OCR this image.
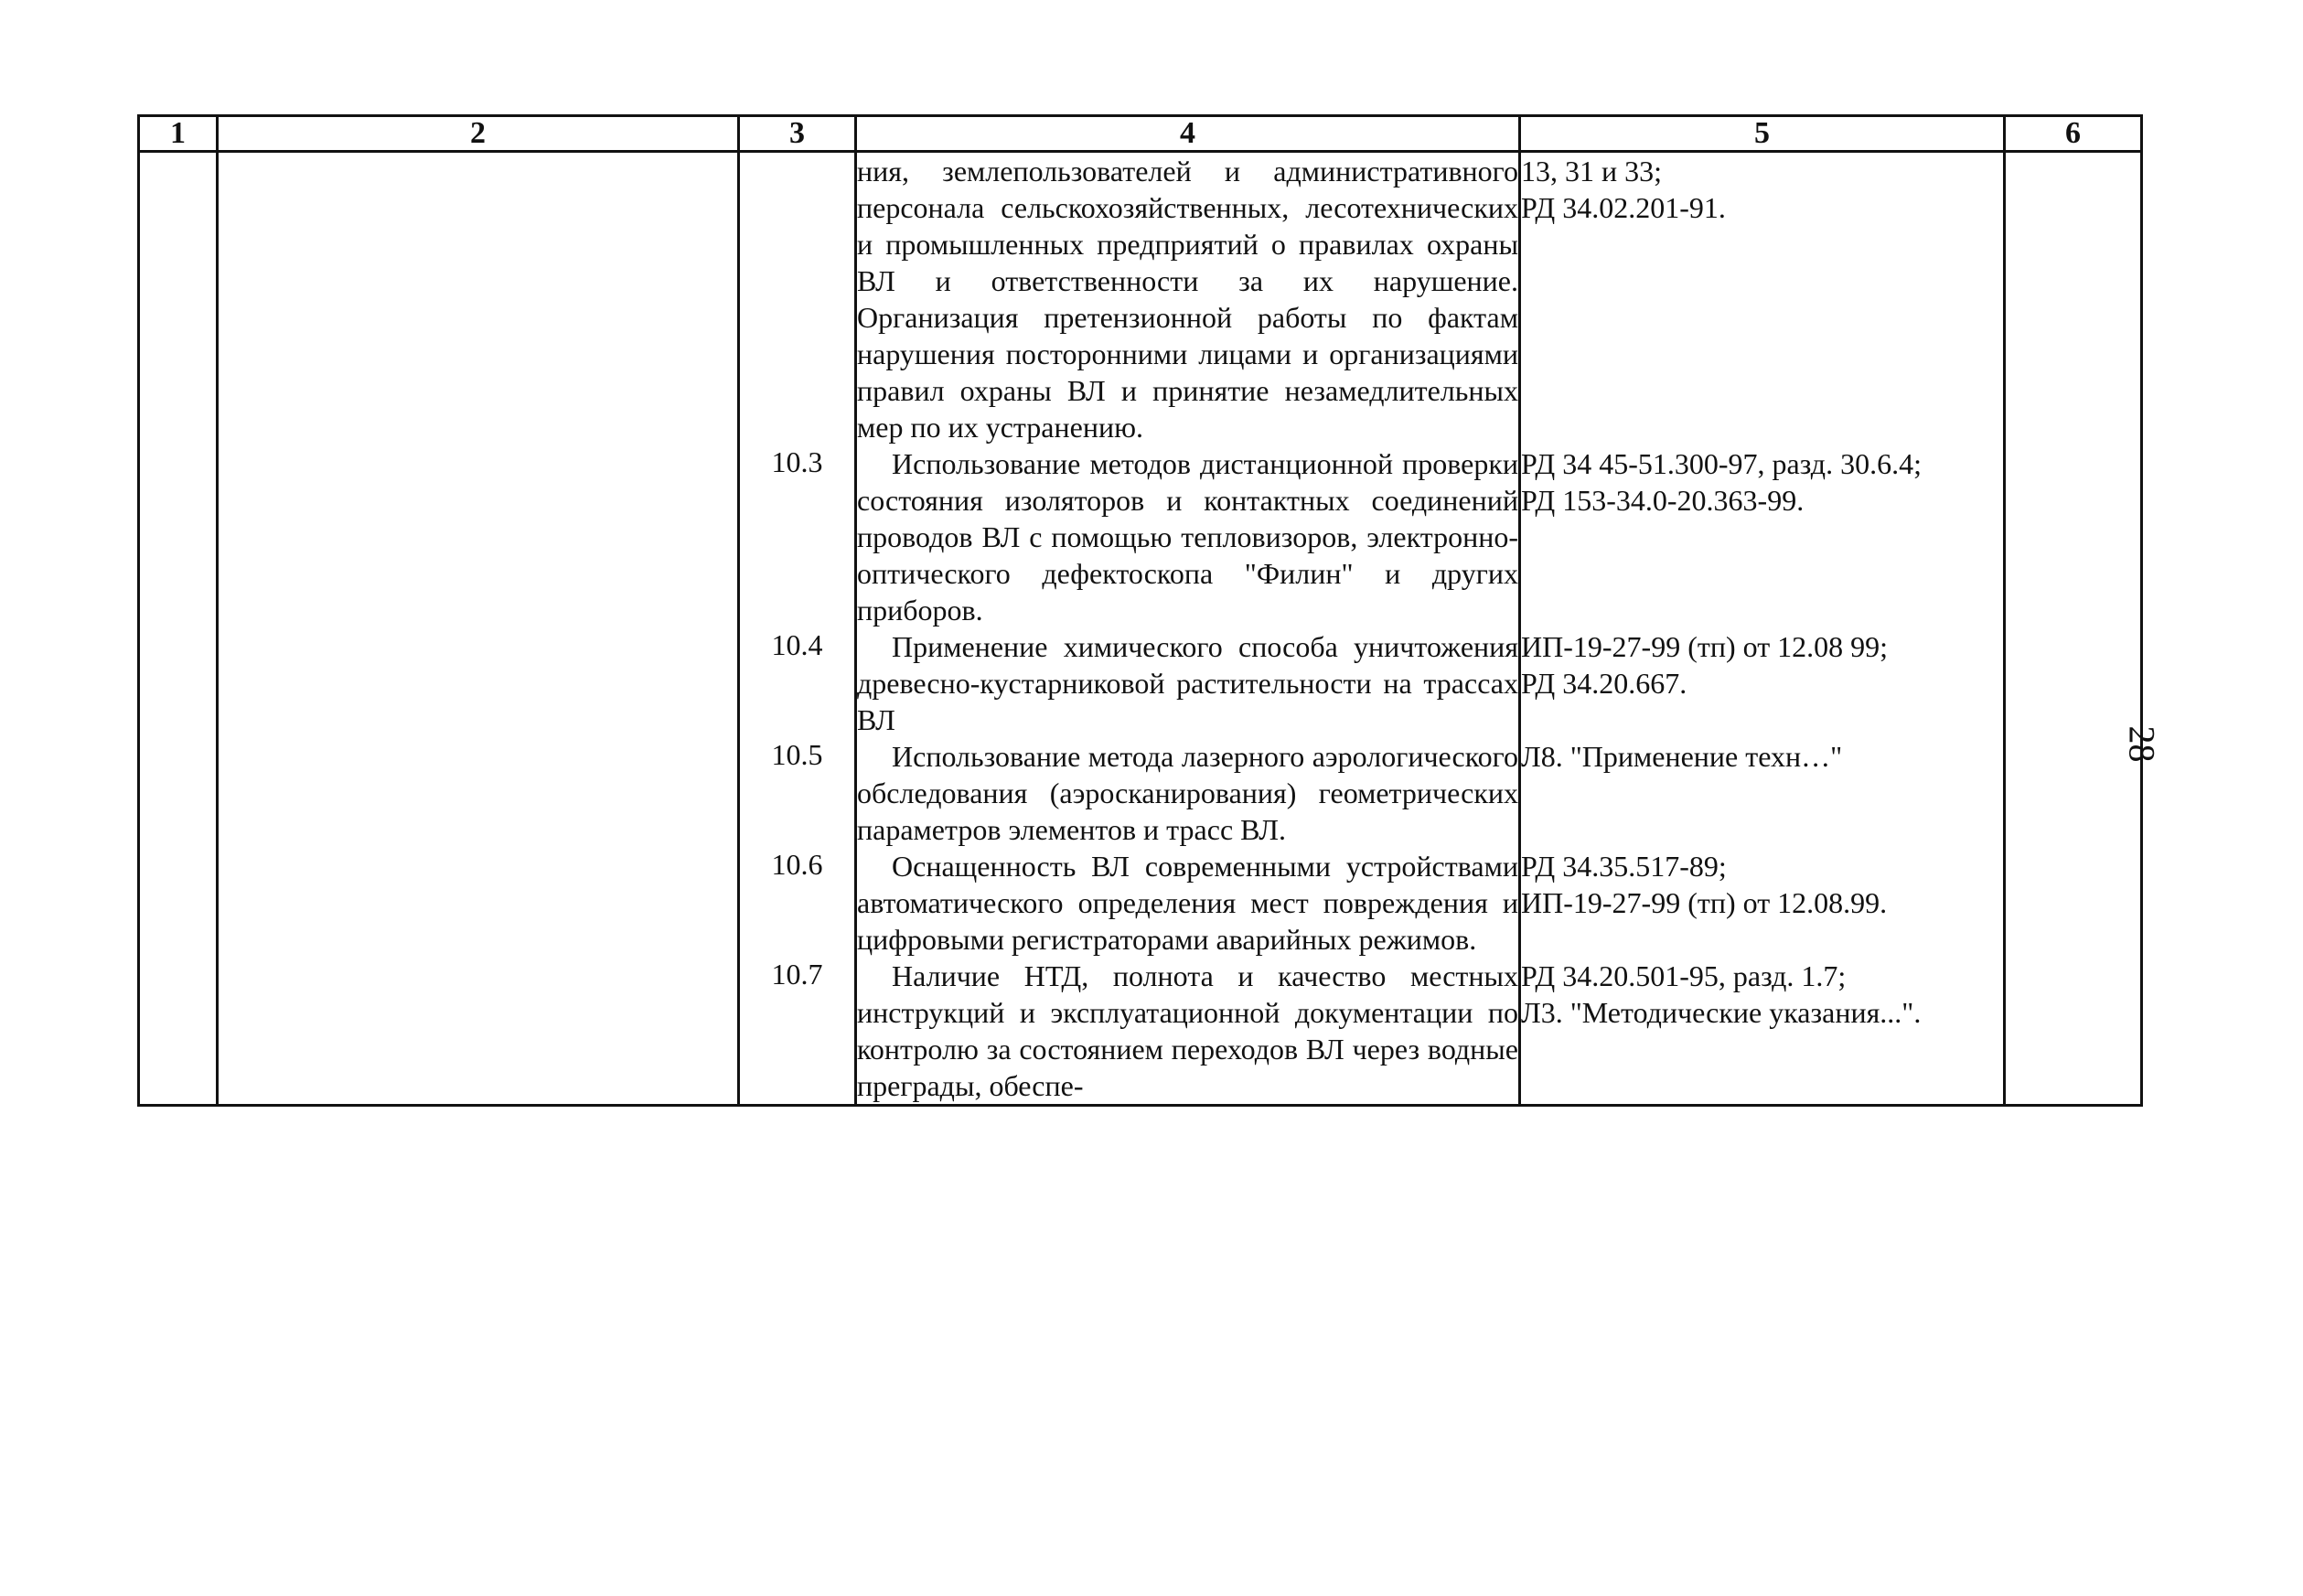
1	2	3	4	5	6
			ния, землепользователей и административного персонала сельскохозяйственных, лесотехнических и промышленных предприятий о правилах охраны ВЛ и ответственности за их нарушение. Организация претензионной работы по фактам нарушения посторонними лицами и организациями правил охраны ВЛ и принятие незамедлительных мер по их устранению.	13, 31 и 33;
РД 34.02.201-91.	
		10.3	Использование методов дистанционной проверки состояния изоляторов и контактных соединений проводов ВЛ с помощью тепловизоров, электронно-оптического дефектоскопа "Филин" и других приборов.	РД 34 45-51.300-97, разд. 30.6.4;
РД 153-34.0-20.363-99.	
		10.4	Применение химического способа уничтожения древесно-кустарниковой растительности на трассах ВЛ	ИП-19-27-99 (тп) от 12.08 99;
РД 34.20.667.	
		10.5	Использование метода лазерного аэрологического обследования (аэросканирования) геометрических параметров элементов и трасс ВЛ.	Л8. "Применение техн…"	
		10.6	Оснащенность ВЛ современными устройствами автоматического определения мест повреждения и цифровыми регистраторами аварийных режимов.	РД 34.35.517-89;
ИП-19-27-99 (тп) от 12.08.99.	
		10.7	Наличие НТД, полнота и качество местных инструкций и эксплуатационной документации по контролю за состоянием переходов ВЛ через водные преграды, обеспе-	РД 34.20.501-95, разд. 1.7;
Л3. "Методические указания...".	
28
